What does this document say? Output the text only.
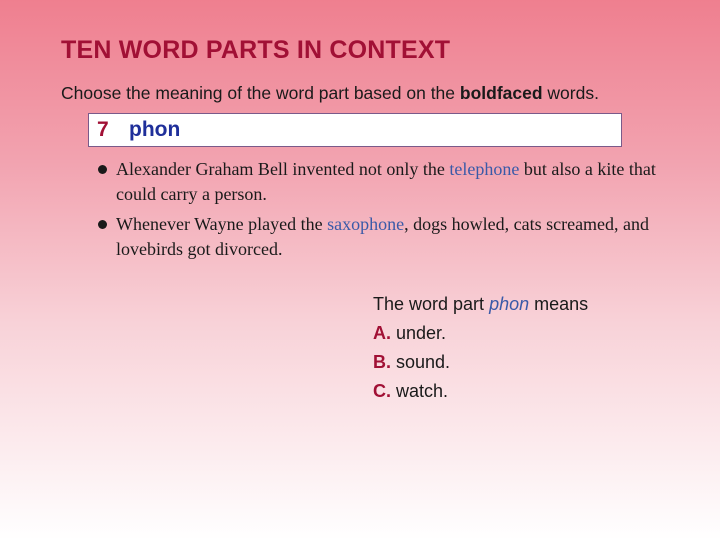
TEN WORD PARTS IN CONTEXT
Choose the meaning of the word part based on the boldfaced words.
7 phon
Alexander Graham Bell invented not only the telephone but also a kite that could carry a person.
Whenever Wayne played the saxophone, dogs howled, cats screamed, and lovebirds got divorced.
The word part phon means
A. under.
B. sound.
C. watch.
